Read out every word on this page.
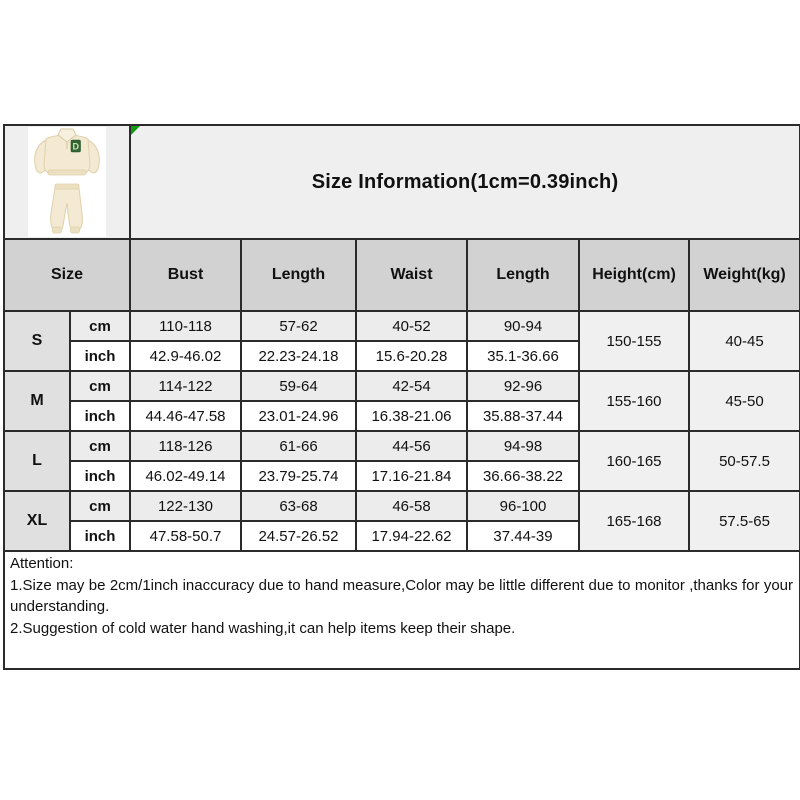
D		Size Information(1cm=0.39inch)					
Size		Bust	Length	Waist	Length	Height(cm)	Weight(kg)
S	cm	110-118	57-62	40-52	90-94	150-155	40-45
	inch	42.9-46.02	22.23-24.18	15.6-20.28	35.1-36.66		
M	cm	114-122	59-64	42-54	92-96	155-160	45-50
	inch	44.46-47.58	23.01-24.96	16.38-21.06	35.88-37.44		
L	cm	118-126	61-66	44-56	94-98	160-165	50-57.5
	inch	46.02-49.14	23.79-25.74	17.16-21.84	36.66-38.22		
XL	cm	122-130	63-68	46-58	96-100	165-168	57.5-65
	inch	47.58-50.7	24.57-26.52	17.94-22.62	37.44-39		

Attention:

1.Size may be 2cm/1inch inaccuracy due to hand measure,Color may be little different due to monitor ,thanks for your understanding.

2.Suggestion of cold water hand washing,it can help items keep their shape.							
